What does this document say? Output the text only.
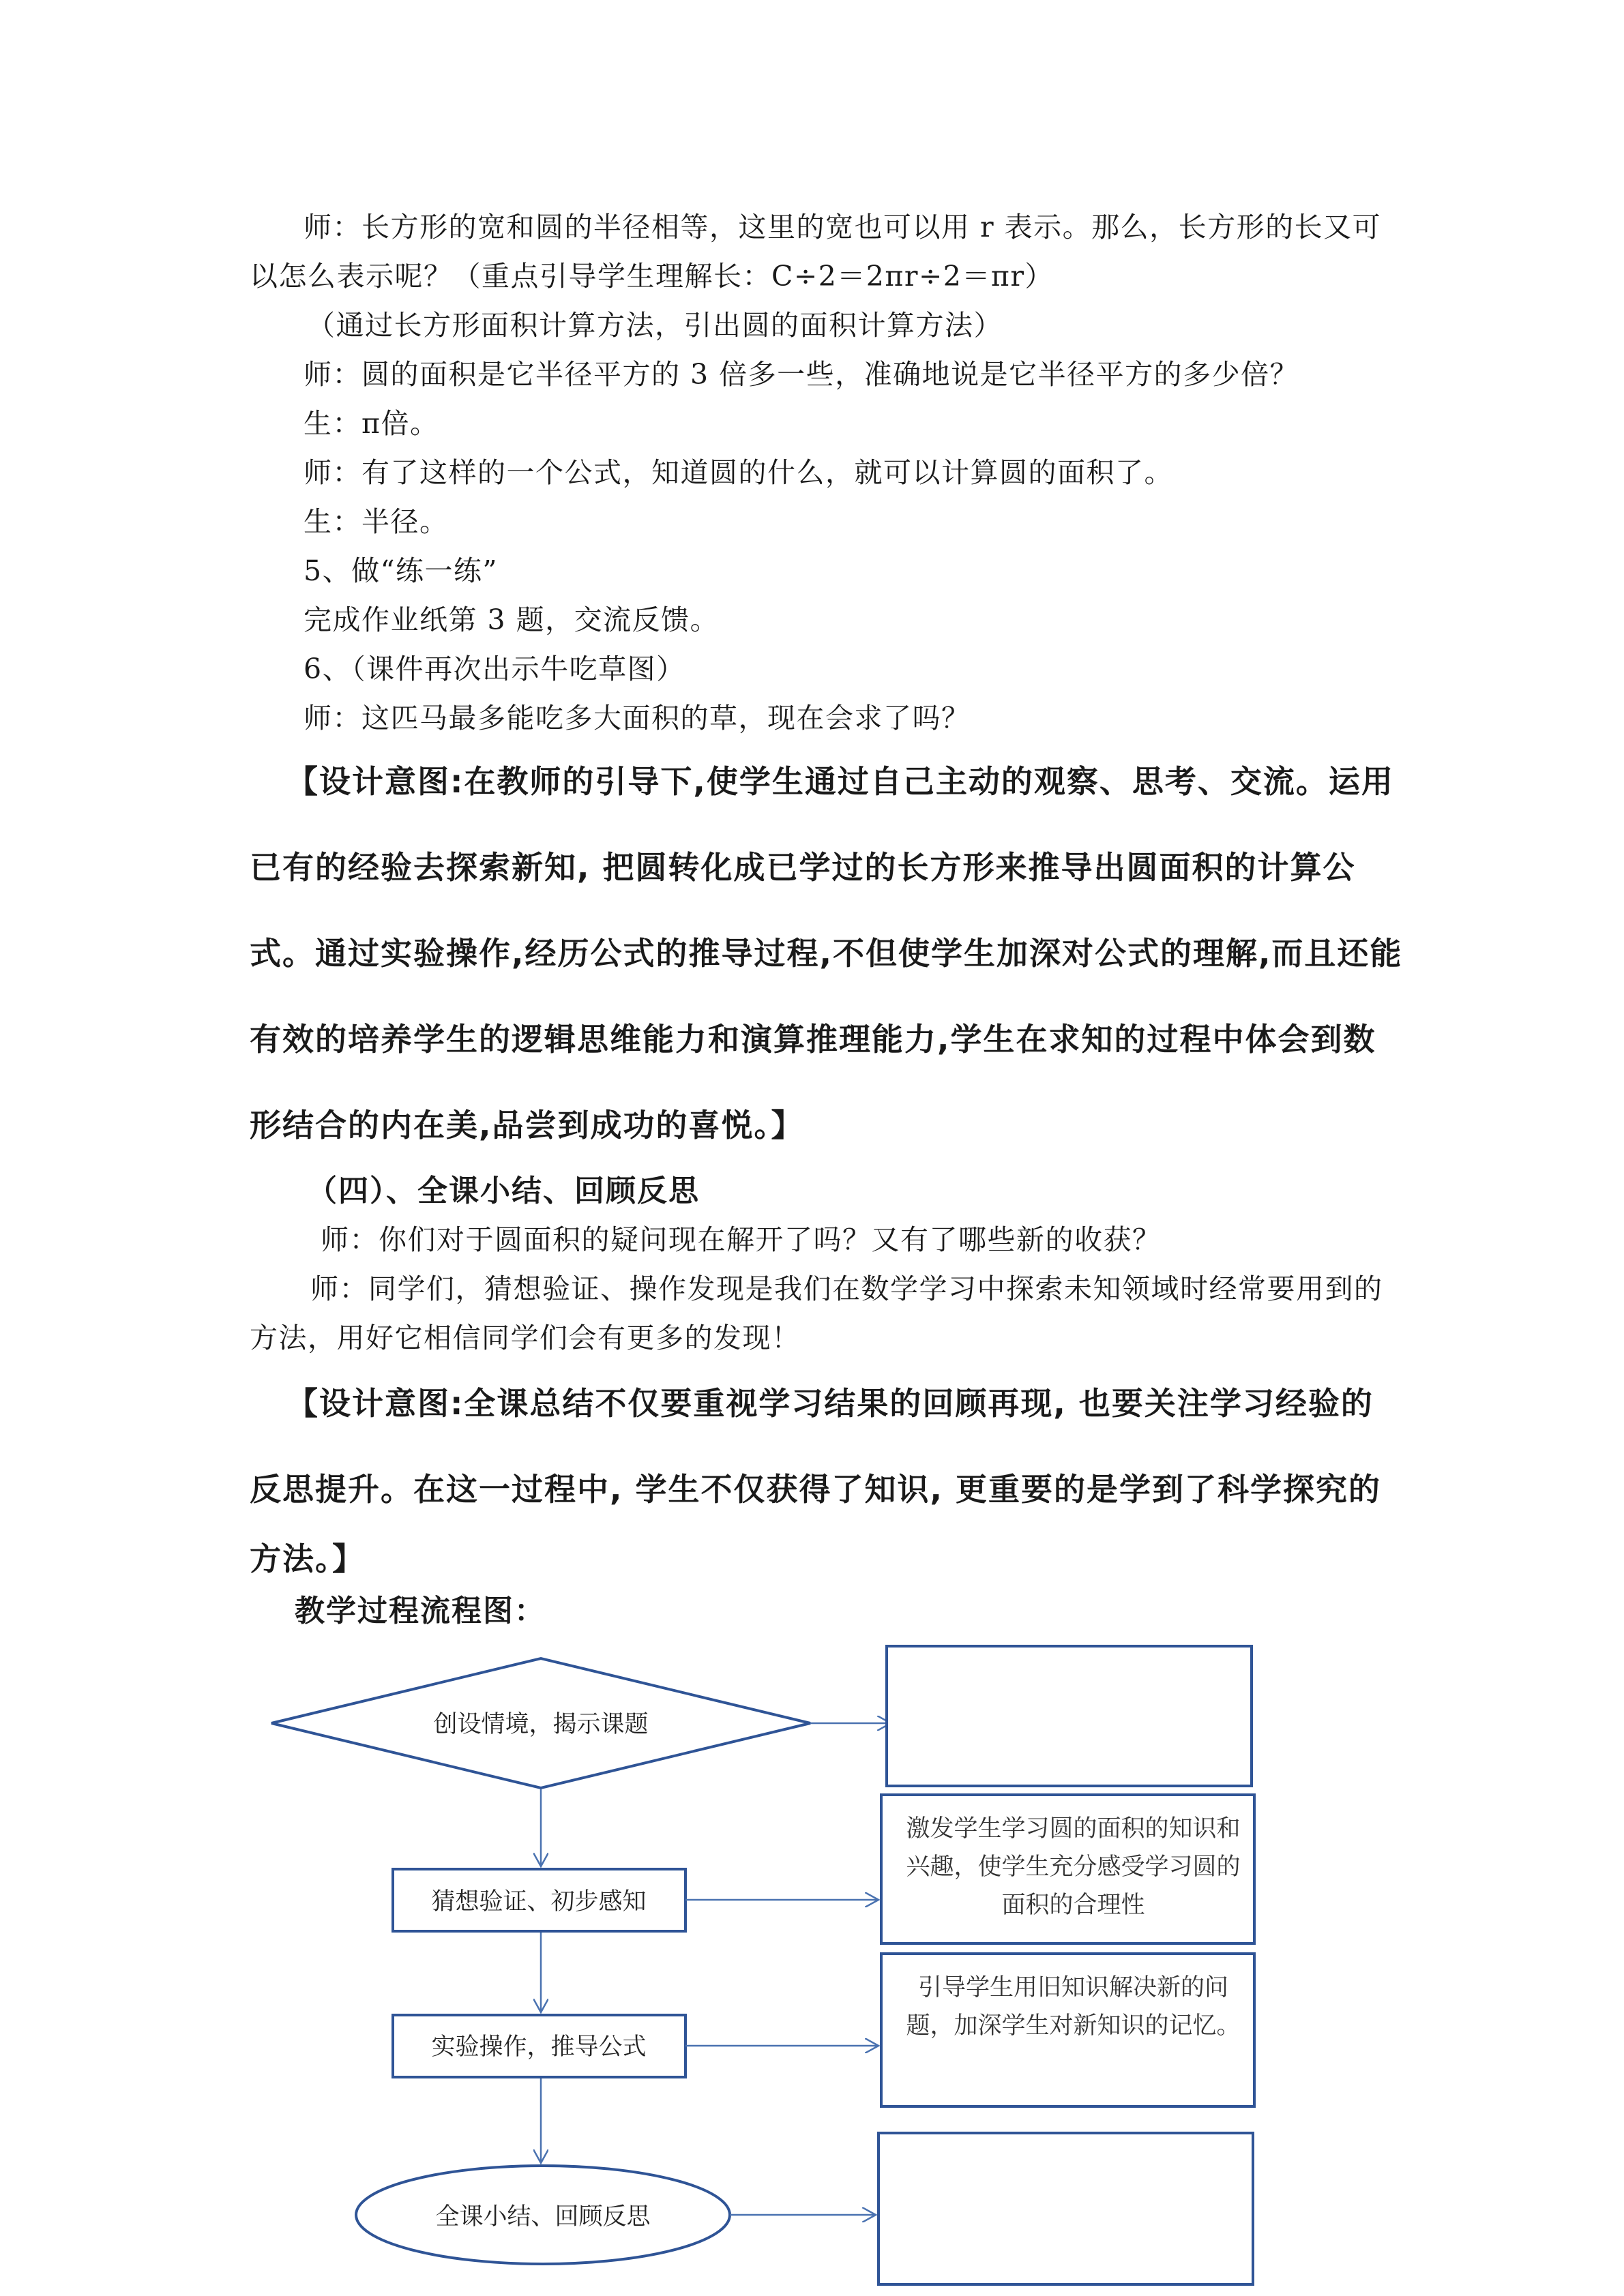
师：长方形的宽和圆的半径相等，这里的宽也可以用 r 表示。那么，长方形的长又可

以怎么表示呢？（重点引导学生理解长：C÷2＝2πr÷2＝πr）

（通过长方形面积计算方法，引出圆的面积计算方法）

师：圆的面积是它半径平方的 3 倍多一些，准确地说是它半径平方的多少倍？

生：π倍。

师：有了这样的一个公式，知道圆的什么，就可以计算圆的面积了。

生：半径。

5、做“练一练”

完成作业纸第 3 题，交流反馈。

6、（课件再次出示牛吃草图）

师：这匹马最多能吃多大面积的草，现在会求了吗？

【设计意图:在教师的引导下,使学生通过自己主动的观察、思考、交流。运用

已有的经验去探索新知, 把圆转化成已学过的长方形来推导出圆面积的计算公

式。通过实验操作,经历公式的推导过程,不但使学生加深对公式的理解,而且还能

有效的培养学生的逻辑思维能力和演算推理能力,学生在求知的过程中体会到数

形结合的内在美,品尝到成功的喜悦。】

（四）、全课小结、回顾反思

师：你们对于圆面积的疑问现在解开了吗？又有了哪些新的收获？

师：同学们，猜想验证、操作发现是我们在数学学习中探索未知领域时经常要用到的

方法，用好它相信同学们会有更多的发现！

【设计意图:全课总结不仅要重视学习结果的回顾再现, 也要关注学习经验的

反思提升。在这一过程中, 学生不仅获得了知识, 更重要的是学到了科学探究的

方法。】

教学过程流程图：

创设情境，揭示课题
猜想验证、初步感知
实验操作，推导公式
全课小结、回顾反思
激发学生学习圆的面积的知识和兴趣，使学生充分感受学习圆的面积的合理性
引导学生用旧知识解决新的问题，加深学生对新知识的记忆。
